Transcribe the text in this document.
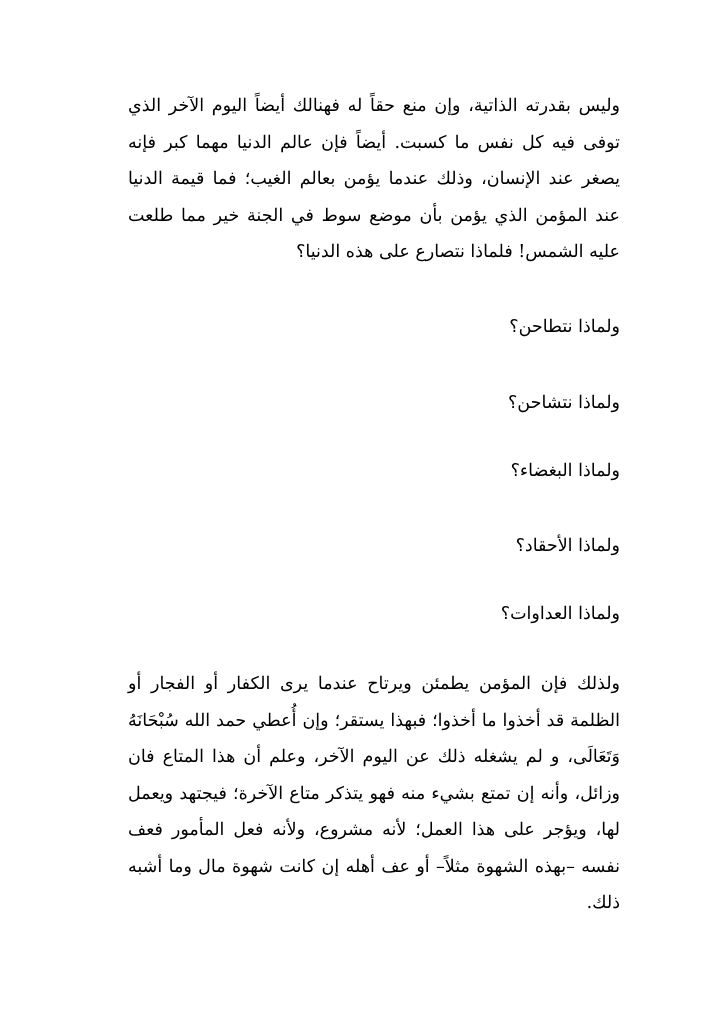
وليس بقدرته الذاتية، وإن منع حقاً له فهنالك أيضاً اليوم الآخر الذي توفى فيه كل نفس ما كسبت. أيضاً فإن عالم الدنيا مهما كبر فإنه يصغر عند الإنسان، وذلك عندما يؤمن بعالم الغيب؛ فما قيمة الدنيا عند المؤمن الذي يؤمن بأن موضع سوط في الجنة خير مما طلعت عليه الشمس! فلماذا نتصارع على هذه الدنيا؟
ولماذا نتطاحن؟
ولماذا نتشاحن؟
ولماذا البغضاء؟
ولماذا الأحقاد؟
ولماذا العداوات؟
ولذلك فإن المؤمن يطمئن ويرتاح عندما يرى الكفار أو الفجار أو الظلمة قد أخذوا ما أخذوا؛ فبهذا يستقر؛ وإن أُعطي حمد الله سُبْحَانَهُ وَتَعَالَى، و لم يشغله ذلك عن اليوم الآخر، وعلم أن هذا المتاع فان وزائل، وأنه إن تمتع بشيء منه فهو يتذكر متاع الآخرة؛ فيجتهد ويعمل لها، ويؤجر على هذا العمل؛ لأنه مشروع، ولأنه فعل المأمور فعف نفسه –بهذه الشهوة مثلاً– أو عف أهله إن كانت شهوة مال وما أشبه ذلك.
